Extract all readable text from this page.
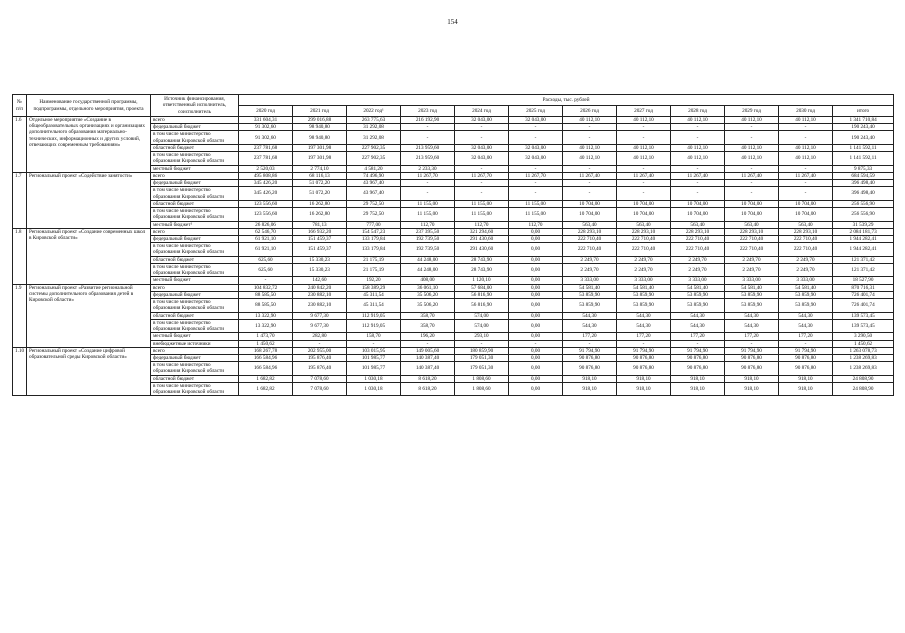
154
№ п/п	Наименование государственной программы, подпрограммы, отдельного мероприятия, проекта	Источник финансирования, ответственный исполнитель, соисполнитель	Расходы, тыс. рублей											
			2020 год	2021 год	2022 год¹	2023 год	2024 год	2025 год	2026 год	2027 год	2028 год	2029 год	2030 год	итого
1.6	Отдельное мероприятие «Создание в общеобразовательных организациях и организациях дополнительного образования материально-технических, информационных и других условий, отвечающих современным требованиям»	всего	331 604,31	299 016,88	263 775,63	216 192,90	32 043,00	32 043,00	40 112,10	40 112,10	40 112,10	40 112,10	40 112,10	1 341 710,84
		федеральный бюджет	91 302,60	98 940,80	31 292,08	-	-	-	-	-	-	-	-	190 243,40
		в том числе министерство образования Кировской области	91 302,60	98 940,80	31 292,08	-	-	-	-	-	-	-	-	190 243,40
		областной бюджет	237 781,68	197 301,98	227 902,35	213 959,60	32 043,00	32 043,00	40 112,10	40 112,10	40 112,10	40 112,10	40 112,10	1 141 592,11
		в том числе министерство образования Кировской области	237 781,68	197 301,98	227 902,35	213 959,60	32 043,00	32 043,00	40 112,10	40 112,10	40 112,10	40 112,10	40 112,10	1 141 592,11
		местный бюджет	2 520,03	2 774,10	4 581,20	2 233,30	-	-	-	-	-	-	-	9 875,33
1.7	Региональный проект «Содействие занятости»	всего	495 808,86	68 116,13	74 496,90	11 267,70	11 267,70	11 267,70	11 267,40	11 267,40	11 267,40	11 267,40	11 267,40	684 594,59
		федеральный бюджет	345 426,20	51 072,20	43 967,40	-	-	-	-	-	-	-	-	396 498,40
		в том числе министерство образования Кировской области	345 426,20	51 072,20	43 967,40	-	-	-	-	-	-	-	-	396 498,40
		областной бюджет	123 556,60	16 262,80	29 752,50	11 155,00	11 155,00	11 155,00	10 704,00	10 704,00	10 704,00	10 704,00	10 704,00	256 556,90
		в том числе министерство образования Кировской области	123 556,60	16 262,80	29 752,50	11 155,00	11 155,00	11 155,00	10 704,00	10 704,00	10 704,00	10 704,00	10 704,00	256 556,90
		местный бюджет¹	26 826,06	781,13	777,00	112,70	112,70	112,70	563,40	563,40	563,40	563,40	563,40	31 539,29
1.8	Региональный проект «Создание современных школ в Кировской области»	всего	62 546,70	166 932,20	154 547,23	237 395,50	321 294,60	0,00	228 293,10	228 293,10	228 293,10	228 293,10	228 293,10	2 084 181,73
		федеральный бюджет	61 921,10	151 459,37	133 179,84	192 739,50	291 430,60	0,00	222 710,40	222 710,40	222 710,40	222 710,40	222 710,40	1 944 282,41
		в том числе министерство образования Кировской области	61 921,10	151 459,37	133 179,84	192 739,50	291 430,60	0,00	222 710,40	222 710,40	222 710,40	222 710,40	222 710,40	1 944 282,41
		областной бюджет	625,60	15 330,23	21 175,19	44 248,00	28 743,90	0,00	2 249,70	2 249,70	2 249,70	2 249,70	2 249,70	121 371,42
		в том числе министерство образования Кировской области	625,60	15 330,23	21 175,19	44 248,00	28 743,90	0,00	2 249,70	2 249,70	2 249,70	2 249,70	2 249,70	121 371,42
		местный бюджет	-	142,60	192,20	408,00	1 120,10	0,00	3 333,00	3 333,00	3 333,00	3 333,00	3 333,00	18 527,90
1.9	Региональный проект «Развитие региональной системы дополнительного образования детей в Кировской области»	всего	104 832,72	240 842,20	158 389,29	36 061,10	57 684,00	0,00	54 581,40	54 581,40	54 581,40	54 581,40	54 581,40	870 716,31
		федеральный бюджет	88 585,50	230 882,10	45 311,54	35 506,20	56 816,90	0,00	53 859,90	53 859,90	53 859,90	53 859,90	53 859,90	726 401,74
		в том числе министерство образования Кировской области	88 585,50	230 882,10	45 311,54	35 506,20	56 816,90	0,00	53 859,90	53 859,90	53 859,90	53 859,90	53 859,90	726 401,74
		областной бюджет	13 322,90	9 677,30	112 919,05	358,70	574,00	0,00	544,30	544,30	544,30	544,30	544,30	139 573,45
		в том числе министерство образования Кировской области	13 322,90	9 677,30	112 919,05	358,70	574,00	0,00	544,30	544,30	544,30	544,30	544,30	139 573,45
		местный бюджет	1 473,70	282,80	158,70	196,20	293,10	0,00	177,20	177,20	177,20	177,20	177,20	3 290,50
		внебюджетные источники	1 450,62	-	-	-	-	-	-	-	-	-	-	1 450,62
1.10	Региональный проект «Создание цифровой образовательной среды Кировской области»	всего	168 267,78	202 955,00	103 015,95	149 005,60	180 859,90	0,00	91 794,90	91 794,90	91 794,90	91 794,90	91 794,90	1 263 078,73
		федеральный бюджет	166 584,96	195 876,40	101 985,77	140 387,40	179 051,30	0,00	90 876,80	90 876,80	90 876,80	90 876,80	90 876,80	1 238 269,83
		в том числе министерство образования Кировской области	166 584,96	195 876,40	101 985,77	140 387,40	179 051,30	0,00	90 876,80	90 876,80	90 876,80	90 876,80	90 876,80	1 238 269,83
		областной бюджет	1 682,82	7 078,60	1 030,18	8 618,20	1 808,60	0,00	918,10	918,10	918,10	918,10	918,10	24 808,90
		в том числе министерство образования Кировской области	1 682,82	7 078,60	1 030,18	8 618,20	1 808,60	0,00	918,10	918,10	918,10	918,10	918,10	24 808,90
